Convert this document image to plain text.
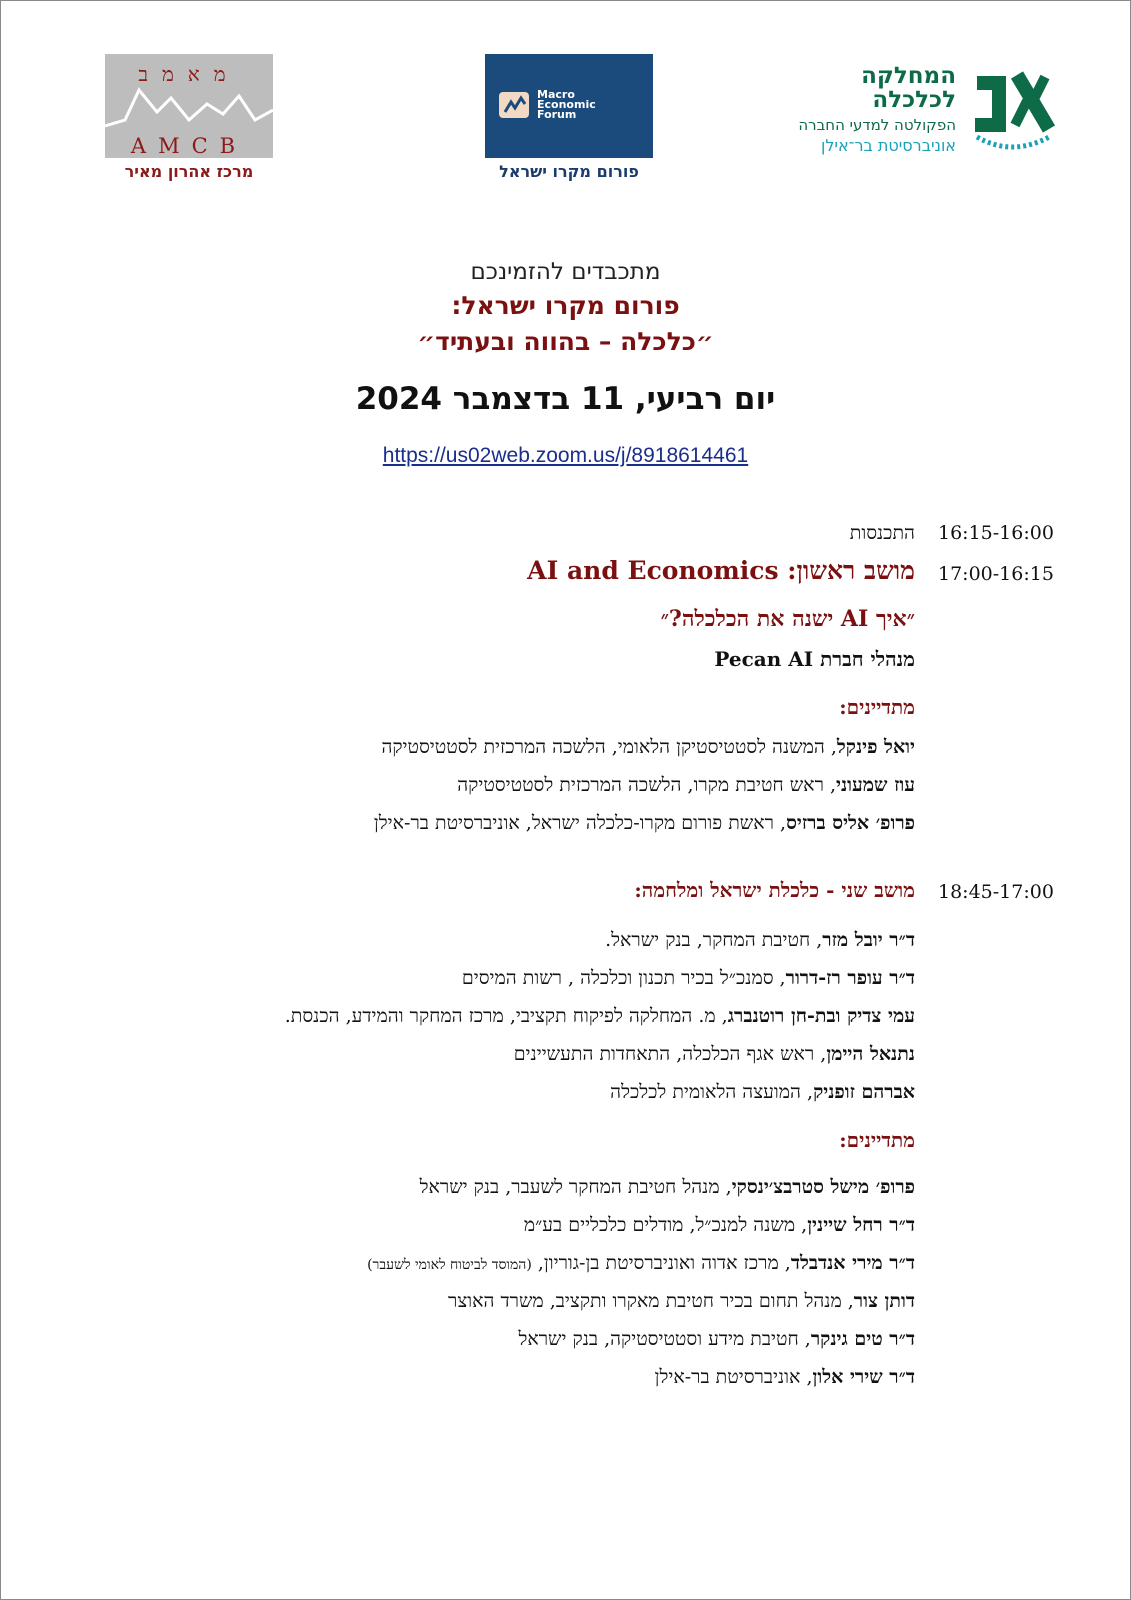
מאמב
AMCB
מרכז אהרון מאיר
Macro
Economic
Forum
פורום מקרו ישראל
המחלקה
לכלכלה
הפקולטה למדעי החברה
אוניברסיטת בר־אילן
מתכבדים להזמינכם
פורום מקרו ישראל:
״כלכלה – בהווה ובעתיד״
יום רביעי, 11 בדצמבר 2024
https://us02web.zoom.us/j/8918614461
16:15-16:00
התכנסות
17:00-16:15
מושב ראשון: AI and Economics
״איך AI ישנה את הכלכלה?״
מנהלי חברת Pecan AI
מתדיינים:
יואל פינקל, המשנה לסטטיסטיקן הלאומי, הלשכה המרכזית לסטטיסטיקה
עוז שמעוני, ראש חטיבת מקרו, הלשכה המרכזית לסטטיסטיקה
פרופ׳ אליס ברזיס, ראשת פורום מקרו-כלכלה ישראל, אוניברסיטת בר-אילן
18:45-17:00
מושב שני - כלכלת ישראל ומלחמה:
ד״ר יובל מזר, חטיבת המחקר, בנק ישראל.
ד״ר עופר רז-דרור, סמנכ״ל בכיר תכנון וכלכלה , רשות המיסים
עמי צדיק ובת-חן רוטנברג, מ. המחלקה לפיקוח תקציבי, מרכז המחקר והמידע, הכנסת.
נתנאל היימן, ראש אגף הכלכלה, התאחדות התעשיינים
אברהם זופניק, המועצה הלאומית לכלכלה
מתדיינים:
פרופ׳ מישל סטרבצ׳ינסקי, מנהל חטיבת המחקר לשעבר, בנק ישראל
ד״ר רחל שיינין, משנה למנכ״ל, מודלים כלכליים בע״מ
ד״ר מירי אנדבלד, מרכז אדוה ואוניברסיטת בן-גוריון, (המוסד לביטוח לאומי לשעבר)
דותן צור, מנהל תחום בכיר חטיבת מאקרו ותקציב, משרד האוצר
ד״ר טים גינקר, חטיבת מידע וסטטיסטיקה, בנק ישראל
ד״ר שירי אלון, אוניברסיטת בר-אילן
